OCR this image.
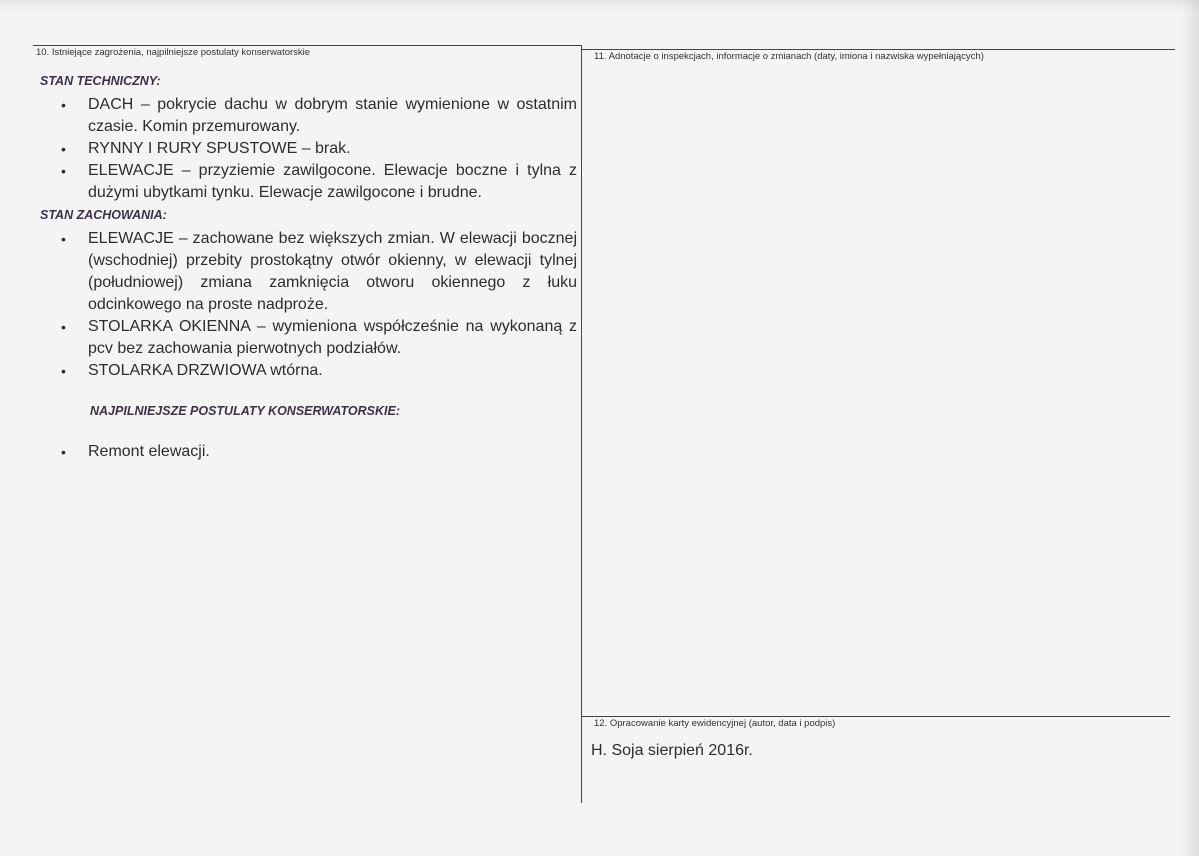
10. Istniejące zagrożenia, najpilniejsze postulaty konserwatorskie	11. Adnotacje o inspekcjach, informacje o zmianach (daty, imiona i nazwiska wypełniających)
12. Opracowanie karty ewidencyjnej (autor, data i podpis)
STAN TECHNICZNY:
• DACH – pokrycie dachu w dobrym stanie wymienione w ostatnim czasie. Komin przemurowany.
• RYNNY I RURY SPUSTOWE – brak.
• ELEWACJE – przyziemie zawilgocone. Elewacje boczne i tylna z dużymi ubytkami tynku. Elewacje zawilgocone i brudne.
STAN ZACHOWANIA:
• ELEWACJE – zachowane bez większych zmian. W elewacji bocznej (wschodniej) przebity prostokątny otwór okienny, w elewacji tylnej (południowej) zmiana zamknięcia otworu okiennego z łuku odcinkowego na proste nadproże.
• STOLARKA OKIENNA – wymieniona współcześnie na wykonaną z pcv bez zachowania pierwotnych podziałów.
• STOLARKA DRZWIOWA wtórna.
NAJPILNIEJSZE POSTULATY KONSERWATORSKIE:
• Remont elewacji.
H. Soja sierpień 2016r.
